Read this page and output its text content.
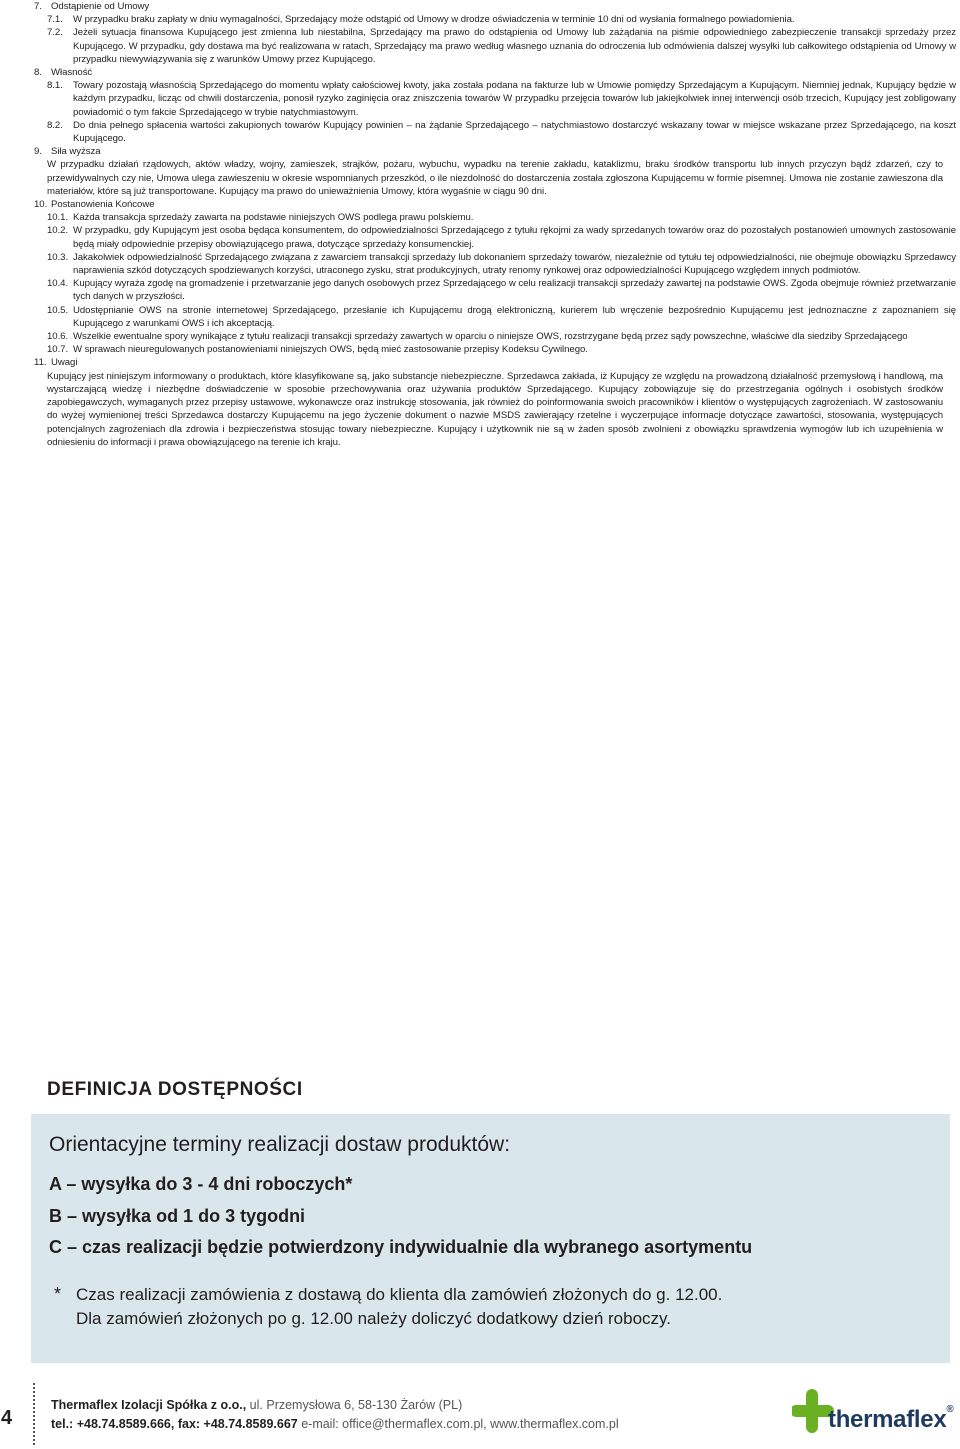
7. Odstąpienie od Umowy
7.1.	W przypadku braku zapłaty w dniu wymagalności, Sprzedający może odstąpić od Umowy w drodze oświadczenia w terminie 10 dni od wysłania formalnego powiadomienia.
7.2.	Jeżeli sytuacja finansowa Kupującego jest zmienna lub niestabilna, Sprzedający ma prawo do odstąpienia od Umowy lub zażądania na piśmie odpowiedniego zabezpieczenie transakcji sprzedaży przez Kupującego. W przypadku, gdy dostawa ma być realizowana w ratach, Sprzedający ma prawo według własnego uznania do odroczenia lub odmówienia dalszej wysyłki lub całkowitego odstąpienia od Umowy w przypadku niewywiązywania się z warunków Umowy przez Kupującego.
8. Własność
8.1.	Towary pozostają własnością Sprzedającego do momentu wpłaty całościowej kwoty, jaka została podana na fakturze lub w Umowie pomiędzy Sprzedającym a Kupującym. Niemniej jednak, Kupujący będzie w każdym przypadku, licząc od chwili dostarczenia, ponosił ryzyko zaginięcia oraz zniszczenia towarów W przypadku przejęcia towarów lub jakiejkolwiek innej interwencji osób trzecich, Kupujący jest zobligowany powiadomić o tym fakcie Sprzedającego w trybie natychmiastowym.
8.2.	Do dnia pełnego spłacenia wartości zakupionych towarów Kupujący powinien – na żądanie Sprzedającego – natychmiastowo dostarczyć wskazany towar w miejsce wskazane przez Sprzedającego, na koszt Kupującego.
9. Siła wyższa
W przypadku działań rządowych, aktów władzy, wojny, zamieszek, strajków, pożaru, wybuchu, wypadku na terenie zakładu, kataklizmu, braku środków transportu lub innych przyczyn bądź zdarzeń, czy to przewidywalnych czy nie, Umowa ulega zawieszeniu w okresie wspomnianych przeszkód, o ile niezdolność do dostarczenia została zgłoszona Kupującemu w formie pisemnej. Umowa nie zostanie zawieszona dla materiałów, które są już transportowane. Kupujący ma prawo do unieważnienia Umowy, która wygaśnie w ciągu 90 dni.
10. Postanowienia Końcowe
10.1. Każda transakcja sprzedaży zawarta na podstawie niniejszych OWS podlega prawu polskiemu.
10.2. W przypadku, gdy Kupującym jest osoba będąca konsumentem, do odpowiedzialności Sprzedającego z tytułu rękojmi za wady sprzedanych towarów oraz do pozostałych postanowień umownych zastosowanie będą miały odpowiednie przepisy obowiązującego prawa, dotyczące sprzedaży konsumenckiej.
10.3. Jakakolwiek odpowiedzialność Sprzedającego związana z zawarciem transakcji sprzedaży lub dokonaniem sprzedaży towarów, niezależnie od tytułu tej odpowiedzialności, nie obejmuje obowiązku Sprzedawcy naprawienia szkód dotyczących spodziewanych korzyści, utraconego zysku, strat produkcyjnych, utraty renomy rynkowej oraz odpowiedzialności Kupującego względem innych podmiotów.
10.4. Kupujący wyraża zgodę na gromadzenie i przetwarzanie jego danych osobowych przez Sprzedającego w celu realizacji transakcji sprzedaży zawartej na podstawie OWS. Zgoda obejmuje również przetwarzanie tych danych w przyszłości.
10.5. Udostępnianie OWS na stronie internetowej Sprzedającego, przesłanie ich Kupującemu drogą elektroniczną, kurierem lub wręczenie bezpośrednio Kupującemu jest jednoznaczne z zapoznaniem się Kupującego z warunkami OWS i ich akceptacją.
10.6. Wszelkie ewentualne spory wynikające z tytułu realizacji transakcji sprzedaży zawartych w oparciu o niniejsze OWS, rozstrzygane będą przez sądy powszechne, właściwe dla siedziby Sprzedającego
10.7. W sprawach nieuregulowanych postanowieniami niniejszych OWS, będą mieć zastosowanie przepisy Kodeksu Cywilnego.
11. Uwagi
Kupujący jest niniejszym informowany o produktach, które klasyfikowane są, jako substancje niebezpieczne. Sprzedawca zakłada, iż Kupujący ze względu na prowadzoną działalność przemysłową i handlową, ma wystarczającą wiedzę i niezbędne doświadczenie w sposobie przechowywania oraz używania produktów Sprzedającego. Kupujący zobowiązuje się do przestrzegania ogólnych i osobistych środków zapobiegawczych, wymaganych przez przepisy ustawowe, wykonawcze oraz instrukcję stosowania, jak również do poinformowania swoich pracowników i klientów o występujących zagrożeniach. W zastosowaniu do wyżej wymienionej treści Sprzedawca dostarczy Kupującemu na jego życzenie dokument o nazwie MSDS zawierający rzetelne i wyczerpujące informacje dotyczące zawartości, stosowania, występujących potencjalnych zagrożeniach dla zdrowia i bezpieczeństwa stosując towary niebezpieczne. Kupujący i użytkownik nie są w żaden sposób zwolnieni z obowiązku sprawdzenia wymogów lub ich uzupełnienia w odniesieniu do informacji i prawa obowiązującego na terenie ich kraju.
DEFINICJA DOSTĘPNOŚCI
Orientacyjne terminy realizacji dostaw produktów:
A – wysyłka do 3 - 4 dni roboczych*
B – wysyłka od 1 do 3 tygodni
C – czas realizacji będzie potwierdzony indywidualnie dla wybranego asortymentu
* Czas realizacji zamówienia z dostawą do klienta dla zamówień złożonych do g. 12.00.
Dla zamówień złożonych po g. 12.00 należy doliczyć dodatkowy dzień roboczy.
4
Thermaflex Izolacji Spółka z o.o., ul. Przemysłowa 6, 58-130 Żarów (PL)
tel.: +48.74.8589.666, fax: +48.74.8589.667 e-mail: office@thermaflex.com.pl, www.thermaflex.com.pl	thermaflex®
